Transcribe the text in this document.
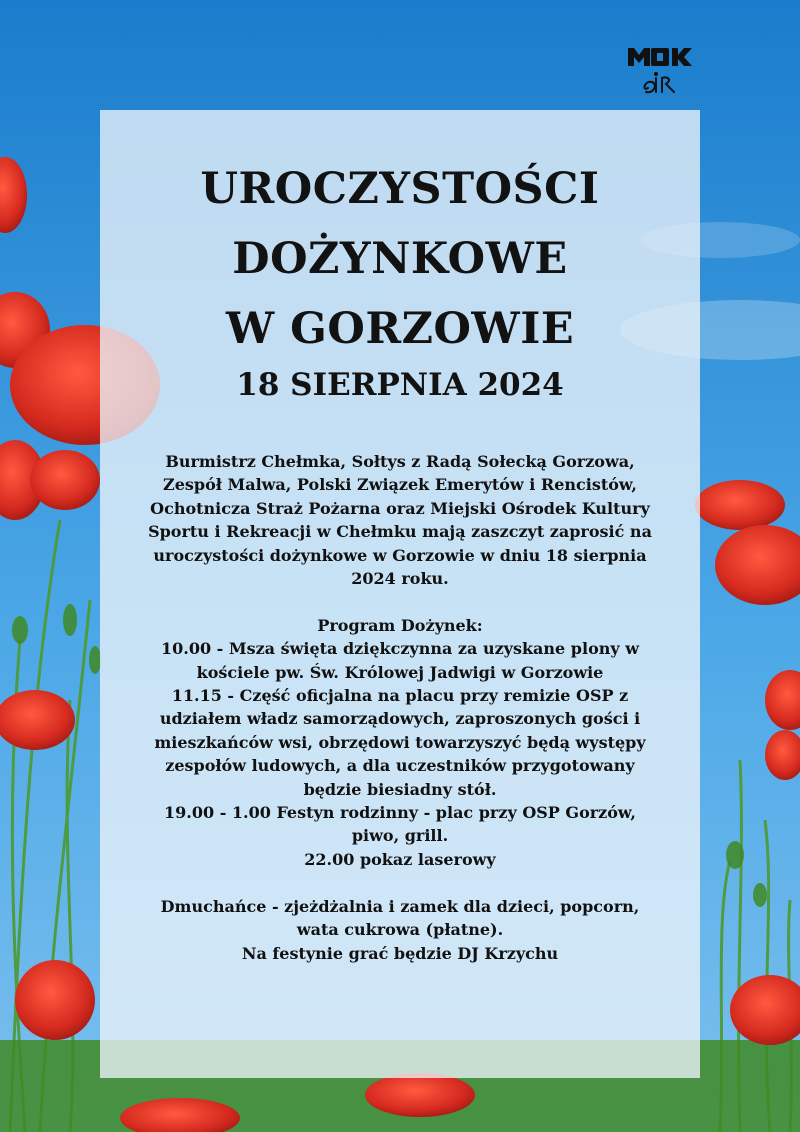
UROCZYSTOŚCI
DOŻYNKOWE
W GORZOWIE
18 SIERPNIA 2024

Burmistrz Chełmka, Sołtys z Radą Sołecką Gorzowa,

Zespół Malwa, Polski Związek Emerytów i Rencistów,

Ochotnicza Straż Pożarna oraz Miejski Ośrodek Kultury

Sportu i Rekreacji w Chełmku mają zaszczyt zaprosić na

uroczystości dożynkowe w Gorzowie w dniu 18 sierpnia

2024 roku.

Program Dożynek:

10.00 - Msza święta dziękczynna za uzyskane plony w

kościele pw. Św. Królowej Jadwigi w Gorzowie

11.15 - Część oficjalna na placu przy remizie OSP z

udziałem władz samorządowych, zaproszonych gości i

mieszkańców wsi, obrzędowi towarzyszyć będą występy

zespołów ludowych, a dla uczestników przygotowany

będzie biesiadny stół.

19.00 - 1.00 Festyn rodzinny - plac przy OSP Gorzów,

piwo, grill.

22.00 pokaz laserowy

Dmuchańce - zjeżdżalnia i zamek dla dzieci, popcorn,

wata cukrowa (płatne).

Na festynie grać będzie DJ Krzychu
